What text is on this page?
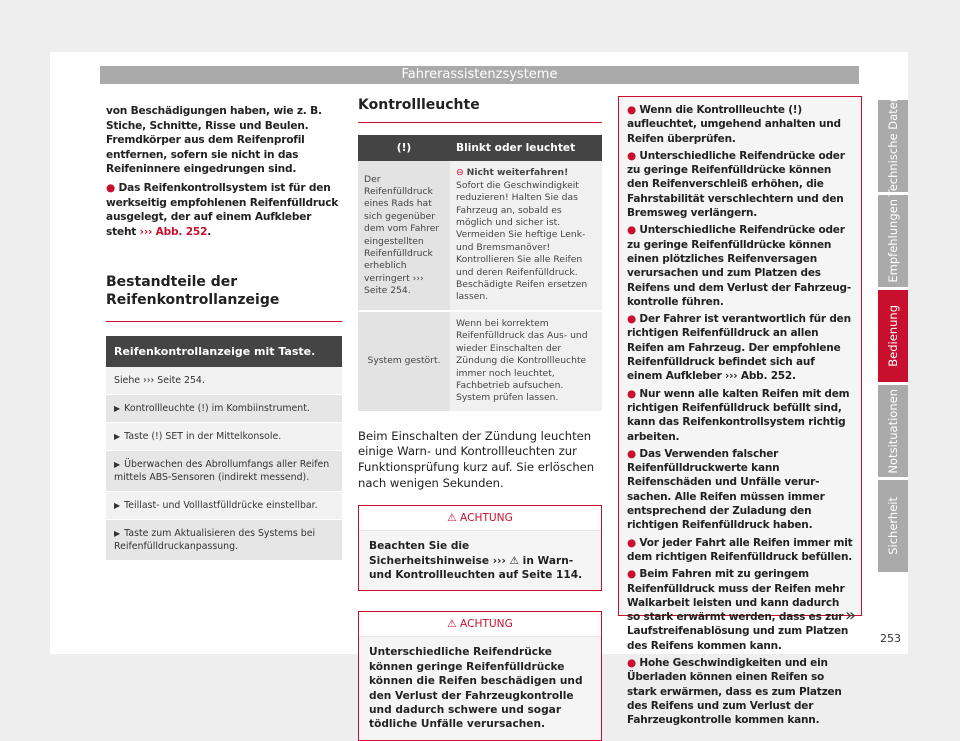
Fahrerassistenzsysteme

von Beschädigungen haben, wie z. B. Stiche, Schnitte, Risse und Beulen. Fremdkörper aus dem Reifenprofil entfernen, sofern sie nicht in das Reifeninnere eingedrungen sind.

● Das Reifenkontrollsystem ist für den werkseitig empfohlenen Reifenfülldruck ausgelegt, der auf einem Aufkleber steht ››› Abb. 252.

Bestandteile der Reifenkontrollanzeige
Reifenkontrollanzeige mit Taste.
Siehe ››› Seite 254.
▶ Kontrollleuchte (!) im Kombiinstrument.
▶ Taste (!) SET in der Mittelkonsole.
▶ Überwachen des Abrollumfangs aller Reifen mittels ABS-Sensoren (indirekt messend).
▶ Teillast- und Volllastfülldrücke einstellbar.
▶ Taste zum Aktualisieren des Systems bei Reifenfülldruckanpassung.
Kontrollleuchte
(!)	Blinkt oder leuchtet
Der Reifenfülldruck eines Rads hat sich gegenüber dem vom Fahrer eingestellten Reifenfülldruck erheblich verringert ››› Seite 254.	⊖ Nicht weiterfahren! Sofort die Geschwindigkeit reduzieren! Halten Sie das Fahrzeug an, sobald es möglich und sicher ist. Vermeiden Sie heftige Lenk- und Bremsmanöver! Kontrollieren Sie alle Reifen und deren Reifenfülldruck. Beschädigte Reifen ersetzen lassen.

System gestört.	Wenn bei korrektem Reifenfülldruck das Aus- und wieder Einschalten der Zündung die Kontrollleuchte immer noch leuchtet, Fachbetrieb aufsuchen. System prüfen lassen.

Beim Einschalten der Zündung leuchten einige Warn- und Kontrollleuchten zur Funktionsprüfung kurz auf. Sie erlöschen nach wenigen Sekunden.

⚠ ACHTUNG
Beachten Sie die Sicherheitshinweise ››› ⚠ in Warn- und Kontrollleuchten auf Seite 114.
⚠ ACHTUNG
Unterschiedliche Reifendrücke können geringe Reifenfülldrücke können die Reifen beschädigen und den Verlust der Fahrzeugkontrolle und dadurch schwere und sogar tödliche Unfälle verursachen.

● Wenn die Kontrollleuchte (!) aufleuchtet, umgehend anhalten und Reifen überprüfen.

● Unterschiedliche Reifendrücke oder zu geringe Reifenfülldrücke können den Reifenverschleiß erhöhen, die Fahrstabilität verschlechtern und den Bremsweg verlängern.

● Unterschiedliche Reifendrücke oder zu geringe Reifenfülldrücke können einen plötzliches Reifenversagen verursachen und zum Platzen des Reifens und dem Verlust der Fahrzeugkontrolle führen.

● Der Fahrer ist verantwortlich für den richtigen Reifenfülldruck an allen Reifen am Fahrzeug. Der empfohlene Reifenfülldruck befindet sich auf einem Aufkleber ››› Abb. 252.

● Nur wenn alle kalten Reifen mit dem richtigen Reifenfülldruck befüllt sind, kann das Reifenkontrollsystem richtig arbeiten.

● Das Verwenden falscher Reifenfülldruckwerte kann Reifenschäden und Unfälle verursachen. Alle Reifen müssen immer entsprechend der Zuladung den richtigen Reifenfülldruck haben.

● Vor jeder Fahrt alle Reifen immer mit dem richtigen Reifenfülldruck befüllen.

● Beim Fahren mit zu geringem Reifenfülldruck muss der Reifen mehr Walkarbeit leisten und kann dadurch so stark erwärmt werden, dass es zur Laufstreifenablösung und zum Platzen des Reifens kommen kann.

● Hohe Geschwindigkeiten und ein Überladen können einen Reifen so stark erwärmen, dass es zum Platzen des Reifens und zum Verlust der Fahrzeugkontrolle kommen kann.

»
Technische Daten
Empfehlungen
Bedienung
Notsituationen
Sicherheit
253
